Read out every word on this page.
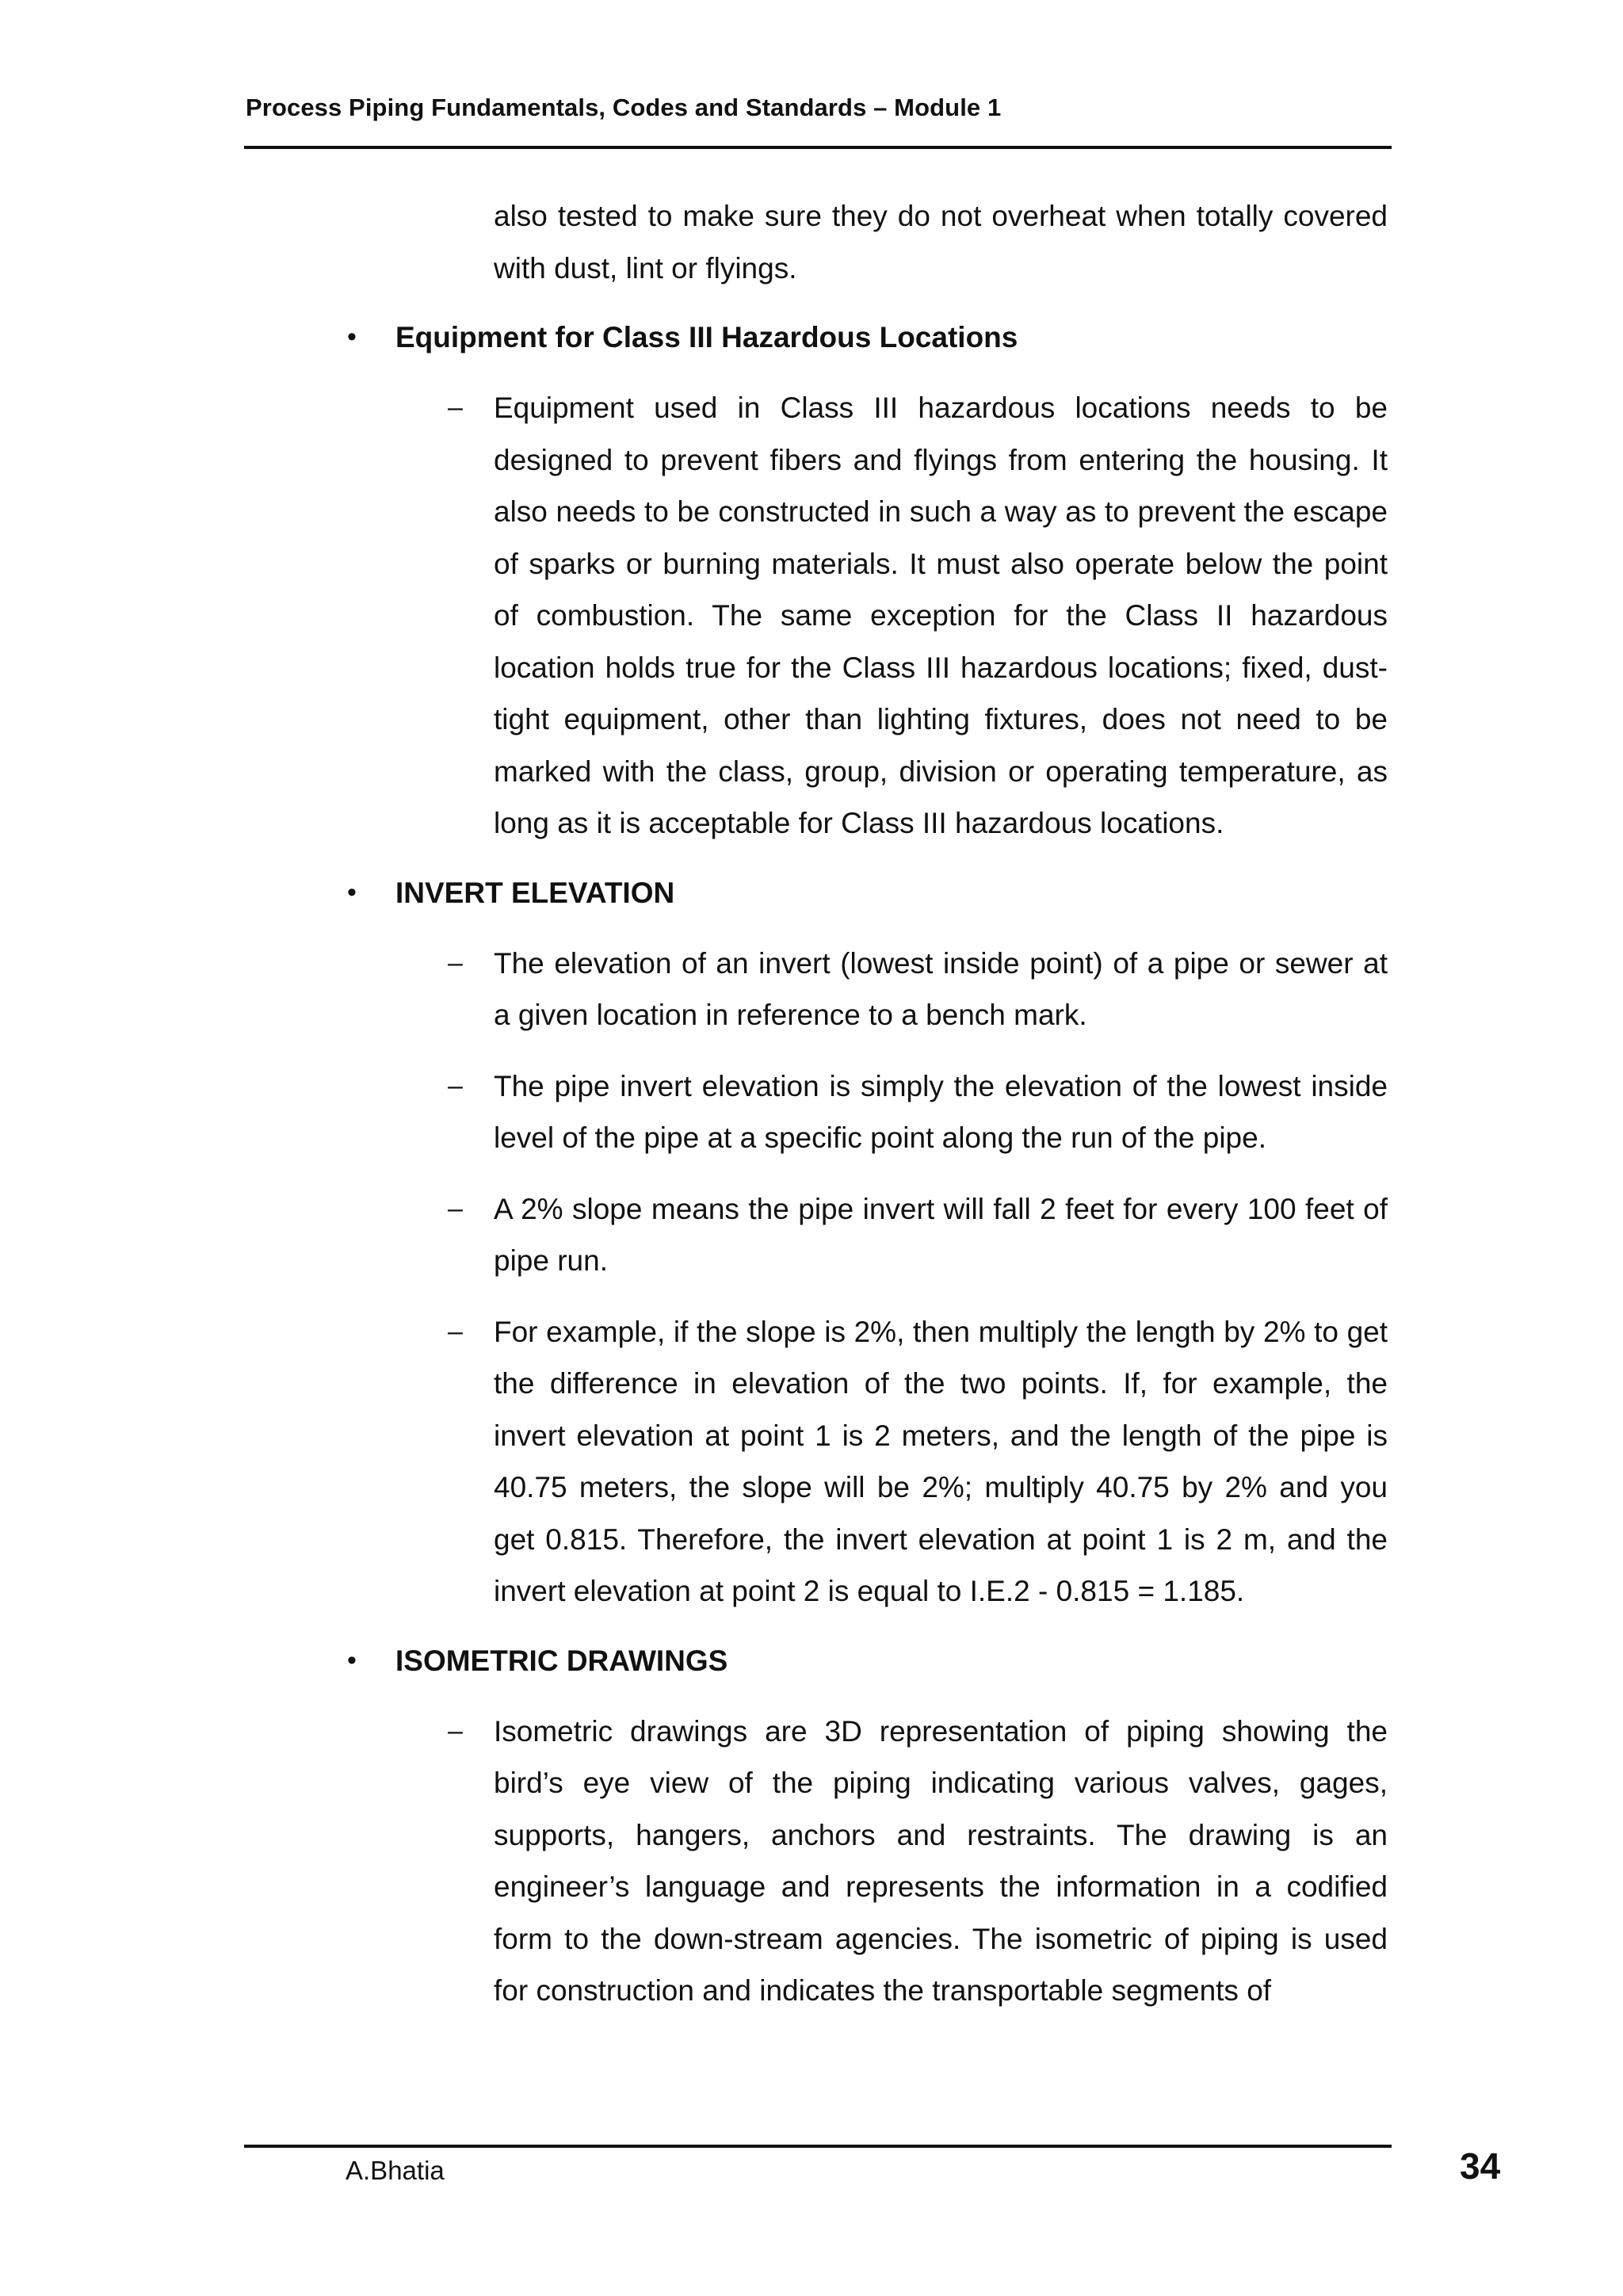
Process Piping Fundamentals, Codes and Standards – Module 1

also tested to make sure they do not overheat when totally covered with dust, lint or flyings.

• Equipment for Class III Hazardous Locations
– Equipment used in Class III hazardous locations needs to be designed to prevent fibers and flyings from entering the housing. It also needs to be constructed in such a way as to prevent the escape of sparks or burning materials. It must also operate below the point of combustion. The same exception for the Class II hazardous location holds true for the Class III hazardous locations; fixed, dust-tight equipment, other than lighting fixtures, does not need to be marked with the class, group, division or operating temperature, as long as it is acceptable for Class III hazardous locations.

• INVERT ELEVATION
– The elevation of an invert (lowest inside point) of a pipe or sewer at a given location in reference to a bench mark.

– The pipe invert elevation is simply the elevation of the lowest inside level of the pipe at a specific point along the run of the pipe.

– A 2% slope means the pipe invert will fall 2 feet for every 100 feet of pipe run.

– For example, if the slope is 2%, then multiply the length by 2% to get the difference in elevation of the two points. If, for example, the invert elevation at point 1 is 2 meters, and the length of the pipe is 40.75 meters, the slope will be 2%; multiply 40.75 by 2% and you get 0.815. Therefore, the invert elevation at point 1 is 2 m, and the invert elevation at point 2 is equal to I.E.2 - 0.815 = 1.185.

• ISOMETRIC DRAWINGS
– Isometric drawings are 3D representation of piping showing the bird’s eye view of the piping indicating various valves, gages, supports, hangers, anchors and restraints. The drawing is an engineer’s language and represents the information in a codified form to the down-stream agencies. The isometric of piping is used for construction and indicates the transportable segments of

A.Bhatia	34
